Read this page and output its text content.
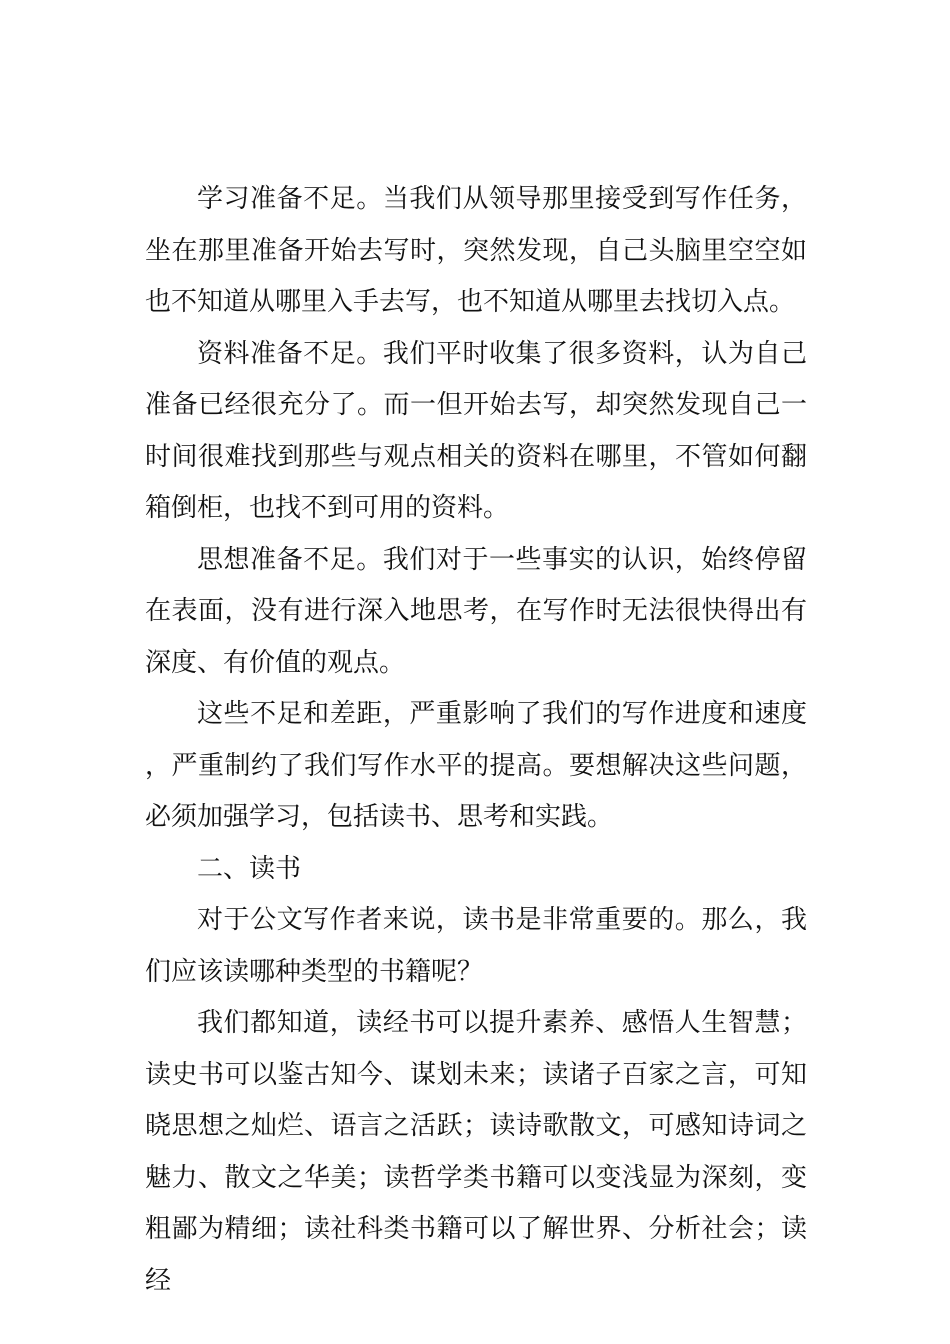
学习准备不足。当我们从领导那里接受到写作任务，坐在那里准备开始去写时，突然发现，自己头脑里空空如也不知道从哪里入手去写，也不知道从哪里去找切入点。

资料准备不足。我们平时收集了很多资料，认为自己准备已经很充分了。而一但开始去写，却突然发现自己一时间很难找到那些与观点相关的资料在哪里，不管如何翻箱倒柜，也找不到可用的资料。

思想准备不足。我们对于一些事实的认识，始终停留在表面，没有进行深入地思考，在写作时无法很快得出有深度、有价值的观点。

这些不足和差距，严重影响了我们的写作进度和速度，严重制约了我们写作水平的提高。要想解决这些问题，必须加强学习，包括读书、思考和实践。

二、读书

对于公文写作者来说，读书是非常重要的。那么，我们应该读哪种类型的书籍呢？

我们都知道，读经书可以提升素养、感悟人生智慧；读史书可以鉴古知今、谋划未来；读诸子百家之言，可知晓思想之灿烂、语言之活跃；读诗歌散文，可感知诗词之魅力、散文之华美；读哲学类书籍可以变浅显为深刻，变粗鄙为精细；读社科类书籍可以了解世界、分析社会；读经
